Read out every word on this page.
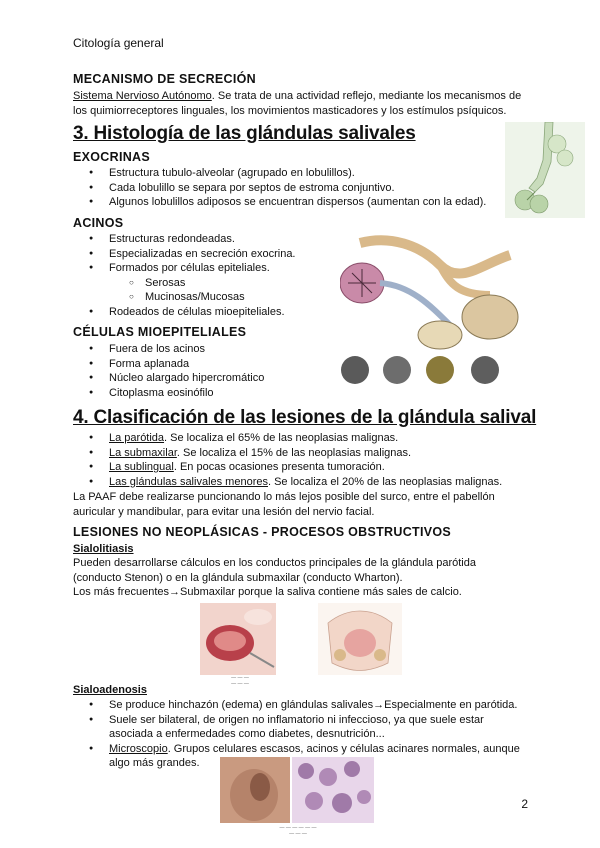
Citología general
MECANISMO DE SECRECIÓN
Sistema Nervioso Autónomo. Se trata de una actividad reflejo, mediante los mecanismos de
los quimiorreceptores linguales, los movimientos masticadores y los estímulos psíquicos.
3. Histología de las glándulas salivales
EXOCRINAS
● Estructura tubulo-alveolar (agrupado en lobulillos).
● Cada lobulillo se separa por septos de estroma conjuntivo.
● Algunos lobulillos adiposos se encuentran dispersos (aumentan con la edad).
ACINOS
● Estructuras redondeadas.
● Especializadas en secreción exocrina.
● Formados por células epiteliales.
○ Serosas
○ Mucinosas/Mucosas
● Rodeados de células mioepiteliales.
CÉLULAS MIOEPITELIALES
● Fuera de los acinos
● Forma aplanada
● Núcleo alargado hipercromático
● Citoplasma eosinófilo
4. Clasificación de las lesiones de la glándula salival
● La parótida. Se localiza el 65% de las neoplasias malignas.
● La submaxilar. Se localiza el 15% de las neoplasias malignas.
● La sublingual. En pocas ocasiones presenta tumoración.
● Las glándulas salivales menores. Se localiza el 20% de las neoplasias malignas.
La PAAF debe realizarse puncionando lo más lejos posible del surco, entre el pabellón
auricular y mandibular, para evitar una lesión del nervio facial.
LESIONES NO NEOPLÁSICAS - PROCESOS OBSTRUCTIVOS
Sialolitiasis
Pueden desarrollarse cálculos en los conductos principales de la glándula parótida
(conducto Stenon) o en la glándula submaxilar (conducto Wharton).
Los más frecuentes→Submaxilar porque la saliva contiene más sales de calcio.
— — —
— — —
Sialoadenosis
● Se produce hinchazón (edema) en glándulas salivales→Especialmente en parótida.
● Suele ser bilateral, de origen no inflamatorio ni infeccioso, ya que suele estar
asociada a enfermedades como diabetes, desnutrición...
● Microscopio. Grupos celulares escasos, acinos y células acinares normales, aunque
algo más grandes.
— — — — — —
— — —
2
